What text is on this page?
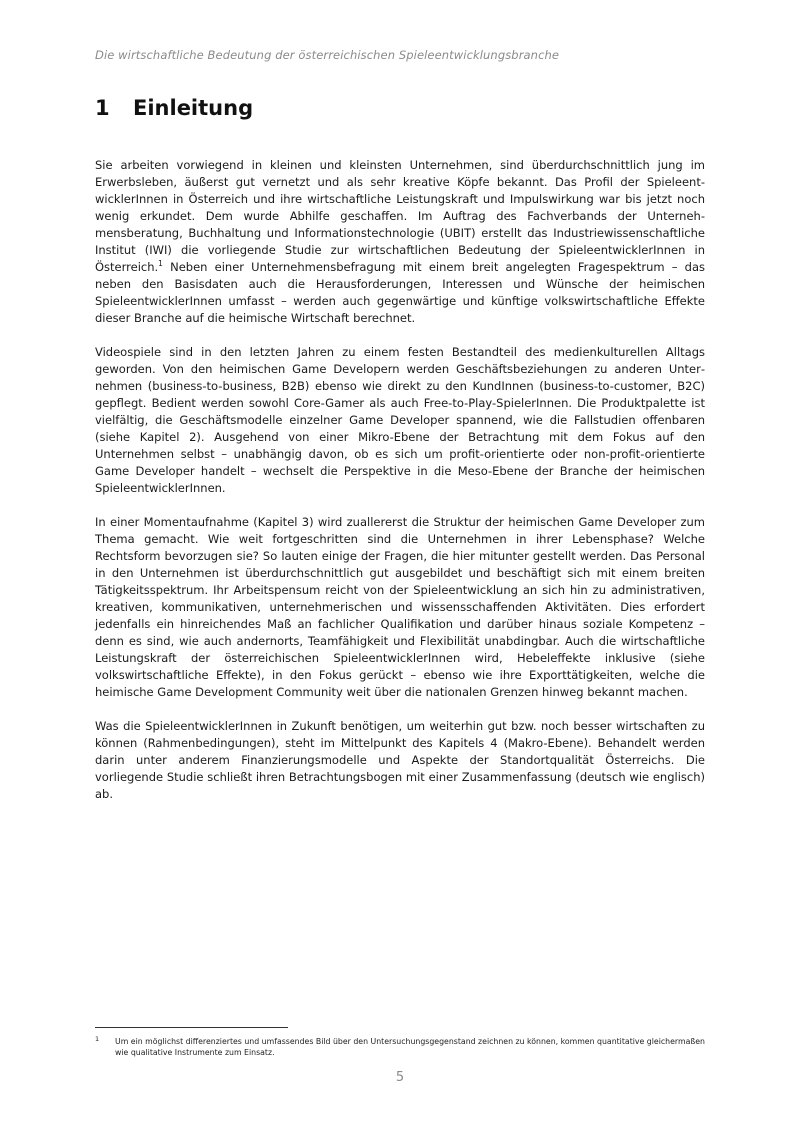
Die wirtschaftliche Bedeutung der österreichischen Spieleentwicklungsbranche
1 Einleitung

Sie arbeiten vorwiegend in kleinen und kleinsten Unternehmen, sind überdurchschnittlich jung im Erwerbsleben, äußerst gut vernetzt und als sehr kreative Köpfe bekannt. Das Profil der SpieleentwicklerInnen in Österreich und ihre wirtschaftliche Leistungskraft und Impulswirkung war bis jetzt noch wenig erkundet. Dem wurde Abhilfe geschaffen. Im Auftrag des Fachverbands der Unternehmensberatung, Buchhaltung und Informationstechnologie (UBIT) erstellt das Industriewissenschaftliche Institut (IWI) die vorliegende Studie zur wirtschaftlichen Bedeutung der SpieleentwicklerInnen in Österreich.$^1$ Neben einer Unternehmensbefragung mit einem breit angelegten Fragespektrum – das neben den Basisdaten auch die Herausforderungen, Interessen und Wünsche der heimischen SpieleentwicklerInnen umfasst – werden auch gegenwärtige und künftige volkswirtschaftliche Effekte dieser Branche auf die heimische Wirtschaft berechnet.

Videospiele sind in den letzten Jahren zu einem festen Bestandteil des medienkulturellen Alltags geworden. Von den heimischen Game Developern werden Geschäftsbeziehungen zu anderen Unternehmen (business-to-business, B2B) ebenso wie direkt zu den KundInnen (business-to-customer, B2C) gepflegt. Bedient werden sowohl Core-Gamer als auch Free-to-Play-SpielerInnen. Die Produktpalette ist vielfältig, die Geschäftsmodelle einzelner Game Developer spannend, wie die Fallstudien offenbaren (siehe Kapitel 2). Ausgehend von einer Mikro-Ebene der Betrachtung mit dem Fokus auf den Unternehmen selbst – unabhängig davon, ob es sich um profit-orientierte oder non-profit-orientierte Game Developer handelt – wechselt die Perspektive in die Meso-Ebene der Branche der heimischen SpieleentwicklerInnen.

In einer Momentaufnahme (Kapitel 3) wird zuallererst die Struktur der heimischen Game Developer zum Thema gemacht. Wie weit fortgeschritten sind die Unternehmen in ihrer Lebensphase? Welche Rechtsform bevorzugen sie? So lauten einige der Fragen, die hier mitunter gestellt werden. Das Personal in den Unternehmen ist überdurchschnittlich gut ausgebildet und beschäftigt sich mit einem breiten Tätigkeitsspektrum. Ihr Arbeitspensum reicht von der Spieleentwicklung an sich hin zu administrativen, kreativen, kommunikativen, unternehmerischen und wissensschaffenden Aktivitäten. Dies erfordert jedenfalls ein hinreichendes Maß an fachlicher Qualifikation und darüber hinaus soziale Kompetenz – denn es sind, wie auch andernorts, Teamfähigkeit und Flexibilität unabdingbar. Auch die wirtschaftliche Leistungskraft der österreichischen SpieleentwicklerInnen wird, Hebeleffekte inklusive (siehe volkswirtschaftliche Effekte), in den Fokus gerückt – ebenso wie ihre Exporttätigkeiten, welche die heimische Game Development Community weit über die nationalen Grenzen hinweg bekannt machen.

Was die SpieleentwicklerInnen in Zukunft benötigen, um weiterhin gut bzw. noch besser wirtschaften zu können (Rahmenbedingungen), steht im Mittelpunkt des Kapitels 4 (Makro-Ebene). Behandelt werden darin unter anderem Finanzierungsmodelle und Aspekte der Standortqualität Österreichs. Die vorliegende Studie schließt ihren Betrachtungsbogen mit einer Zusammenfassung (deutsch wie englisch) ab.

1	Um ein möglichst differenziertes und umfassendes Bild über den Untersuchungsgegenstand zeichnen zu können, kommen quantitative gleichermaßen wie qualitative Instrumente zum Einsatz.
5
